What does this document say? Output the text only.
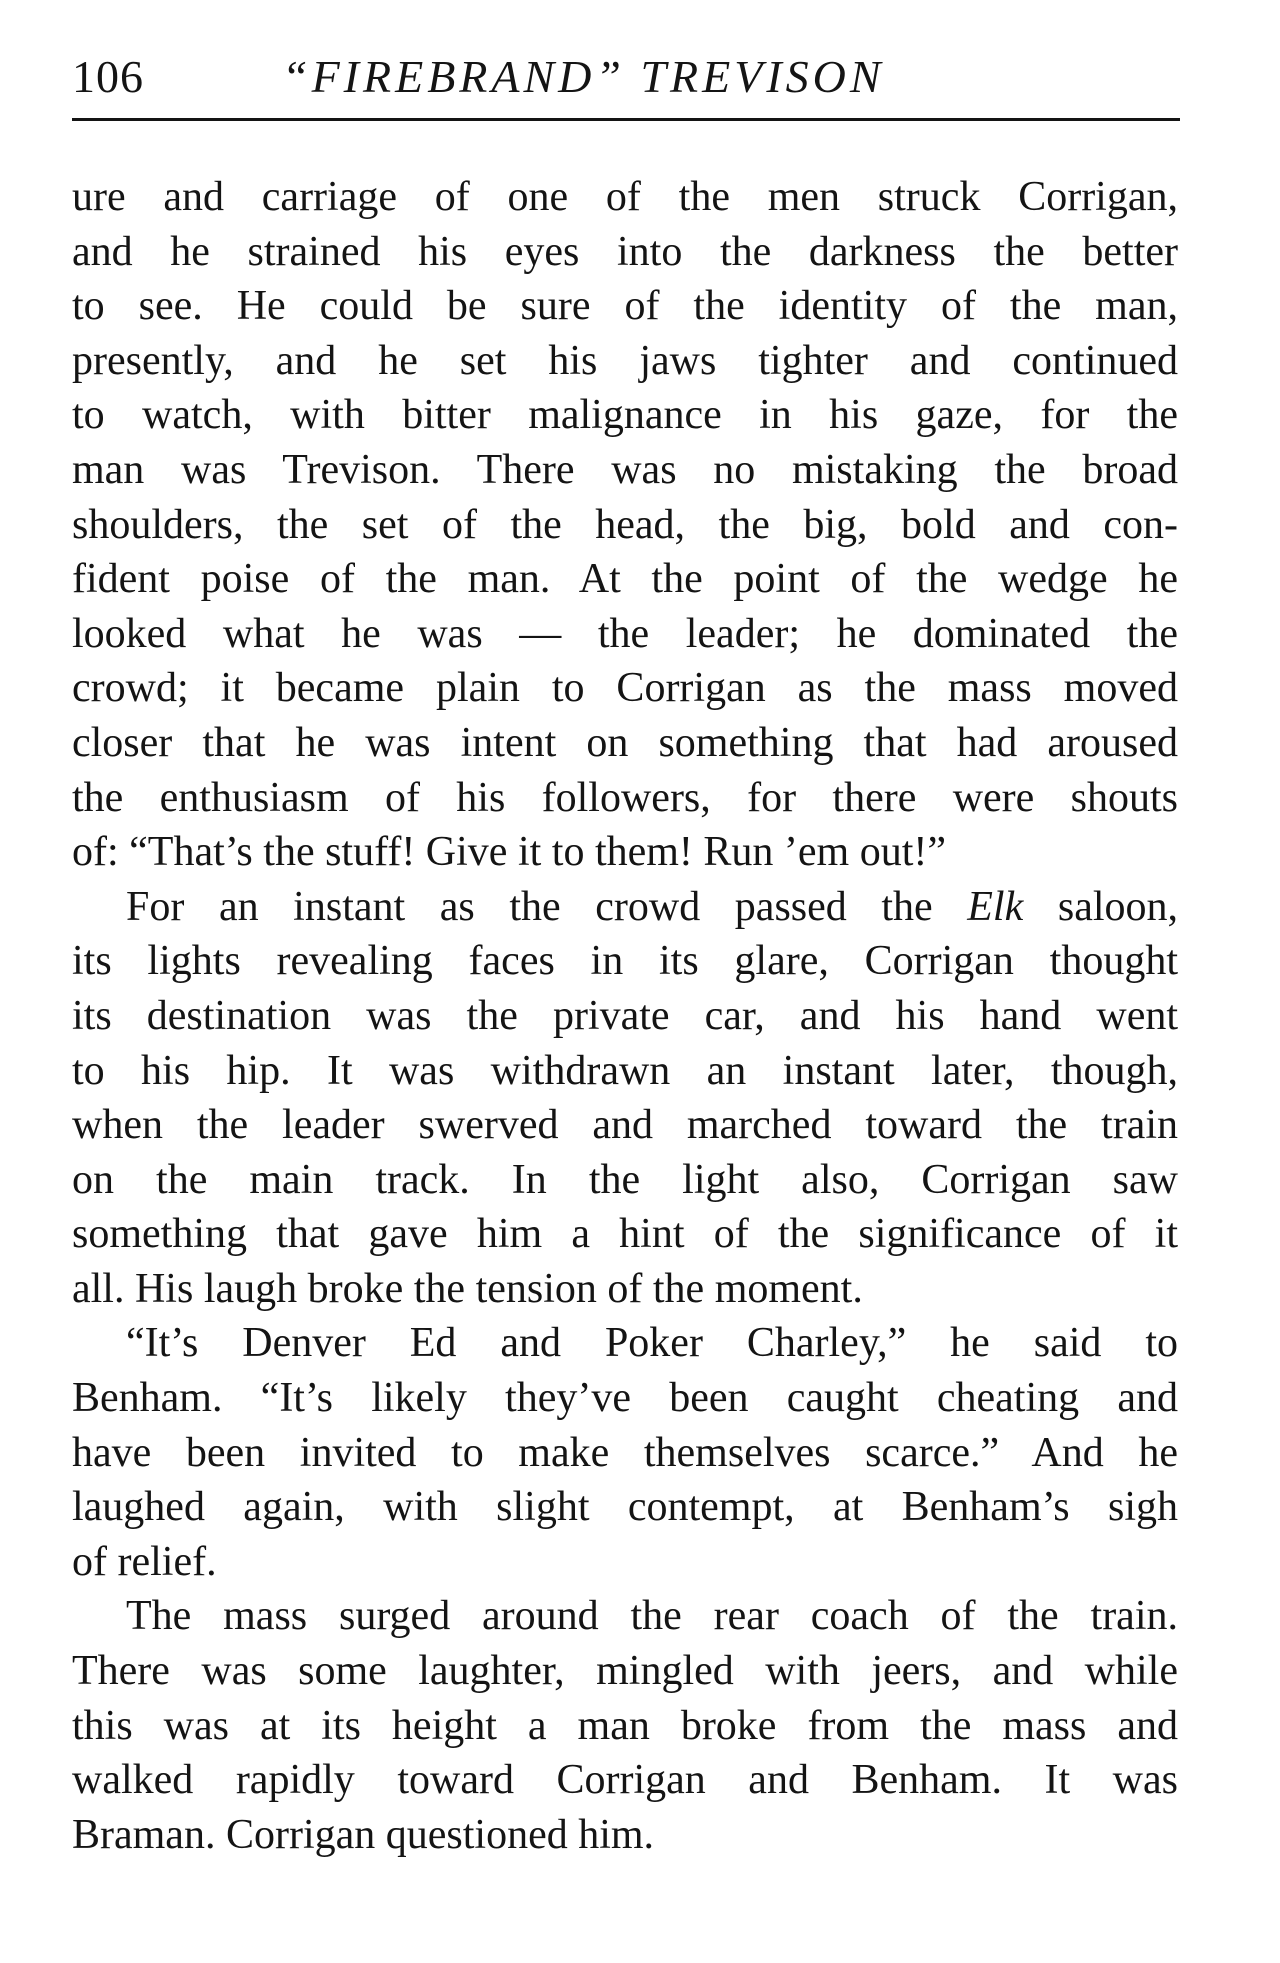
106	“FIREBRAND” TREVISON
ure and carriage of one of the men struck Corrigan,
and he strained his eyes into the darkness the better
to see. He could be sure of the identity of the man,
presently, and he set his jaws tighter and continued
to watch, with bitter malignance in his gaze, for the
man was Trevison. There was no mistaking the broad
shoulders, the set of the head, the big, bold and con-
fident poise of the man. At the point of the wedge he
looked what he was — the leader; he dominated the
crowd; it became plain to Corrigan as the mass moved
closer that he was intent on something that had aroused
the enthusiasm of his followers, for there were shouts
of: “That’s the stuff! Give it to them! Run ’em out!”
For an instant as the crowd passed the Elk saloon,
its lights revealing faces in its glare, Corrigan thought
its destination was the private car, and his hand went
to his hip. It was withdrawn an instant later, though,
when the leader swerved and marched toward the train
on the main track. In the light also, Corrigan saw
something that gave him a hint of the significance of it
all. His laugh broke the tension of the moment.
“It’s Denver Ed and Poker Charley,” he said to
Benham. “It’s likely they’ve been caught cheating and
have been invited to make themselves scarce.” And he
laughed again, with slight contempt, at Benham’s sigh
of relief.
The mass surged around the rear coach of the train.
There was some laughter, mingled with jeers, and while
this was at its height a man broke from the mass and
walked rapidly toward Corrigan and Benham. It was
Braman. Corrigan questioned him.
